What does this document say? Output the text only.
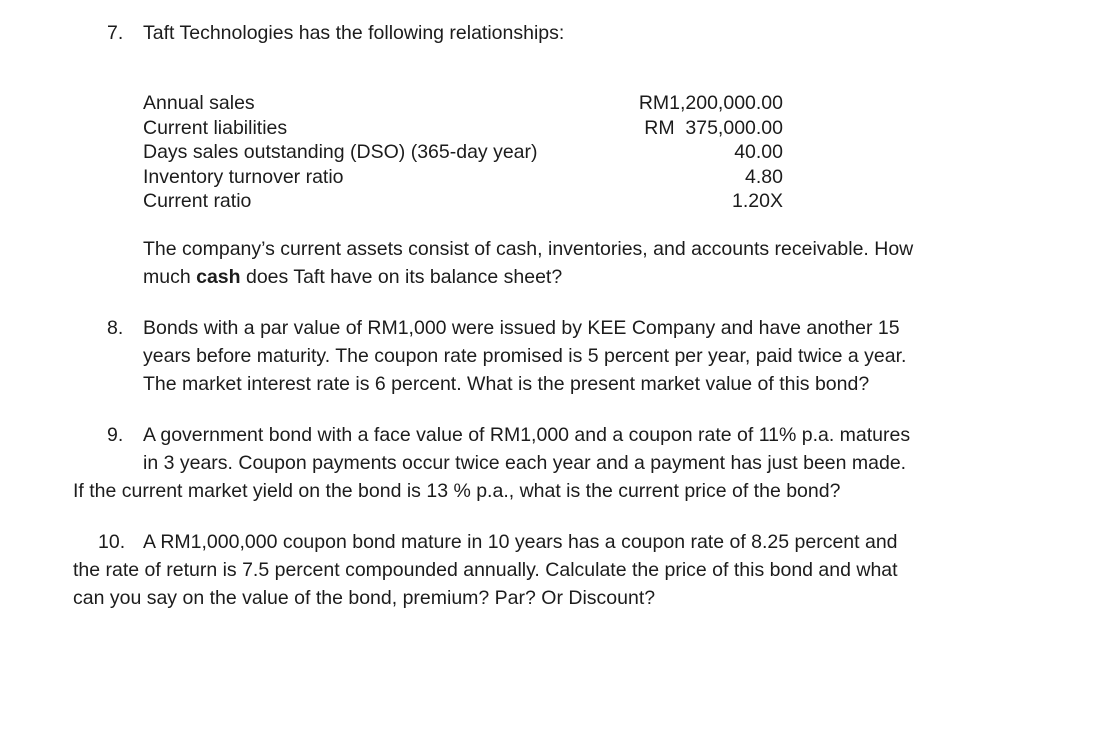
7. Taft Technologies has the following relationships:
Annual sales	RM1,200,000.00
Current liabilities	RM  375,000.00
Days sales outstanding (DSO) (365-day year)	40.00
Inventory turnover ratio	4.80
Current ratio	1.20X
The company’s current assets consist of cash, inventories, and accounts receivable. How
much cash does Taft have on its balance sheet?
8. Bonds with a par value of RM1,000 were issued by KEE Company and have another 15
years before maturity. The coupon rate promised is 5 percent per year, paid twice a year.
The market interest rate is 6 percent. What is the present market value of this bond?
9. A government bond with a face value of RM1,000 and a coupon rate of 11% p.a. matures
in 3 years. Coupon payments occur twice each year and a payment has just been made.
If the current market yield on the bond is 13 % p.a., what is the current price of the bond?
10. A RM1,000,000 coupon bond mature in 10 years has a coupon rate of 8.25 percent and
the rate of return is 7.5 percent compounded annually. Calculate the price of this bond and what
can you say on the value of the bond, premium? Par? Or Discount?
